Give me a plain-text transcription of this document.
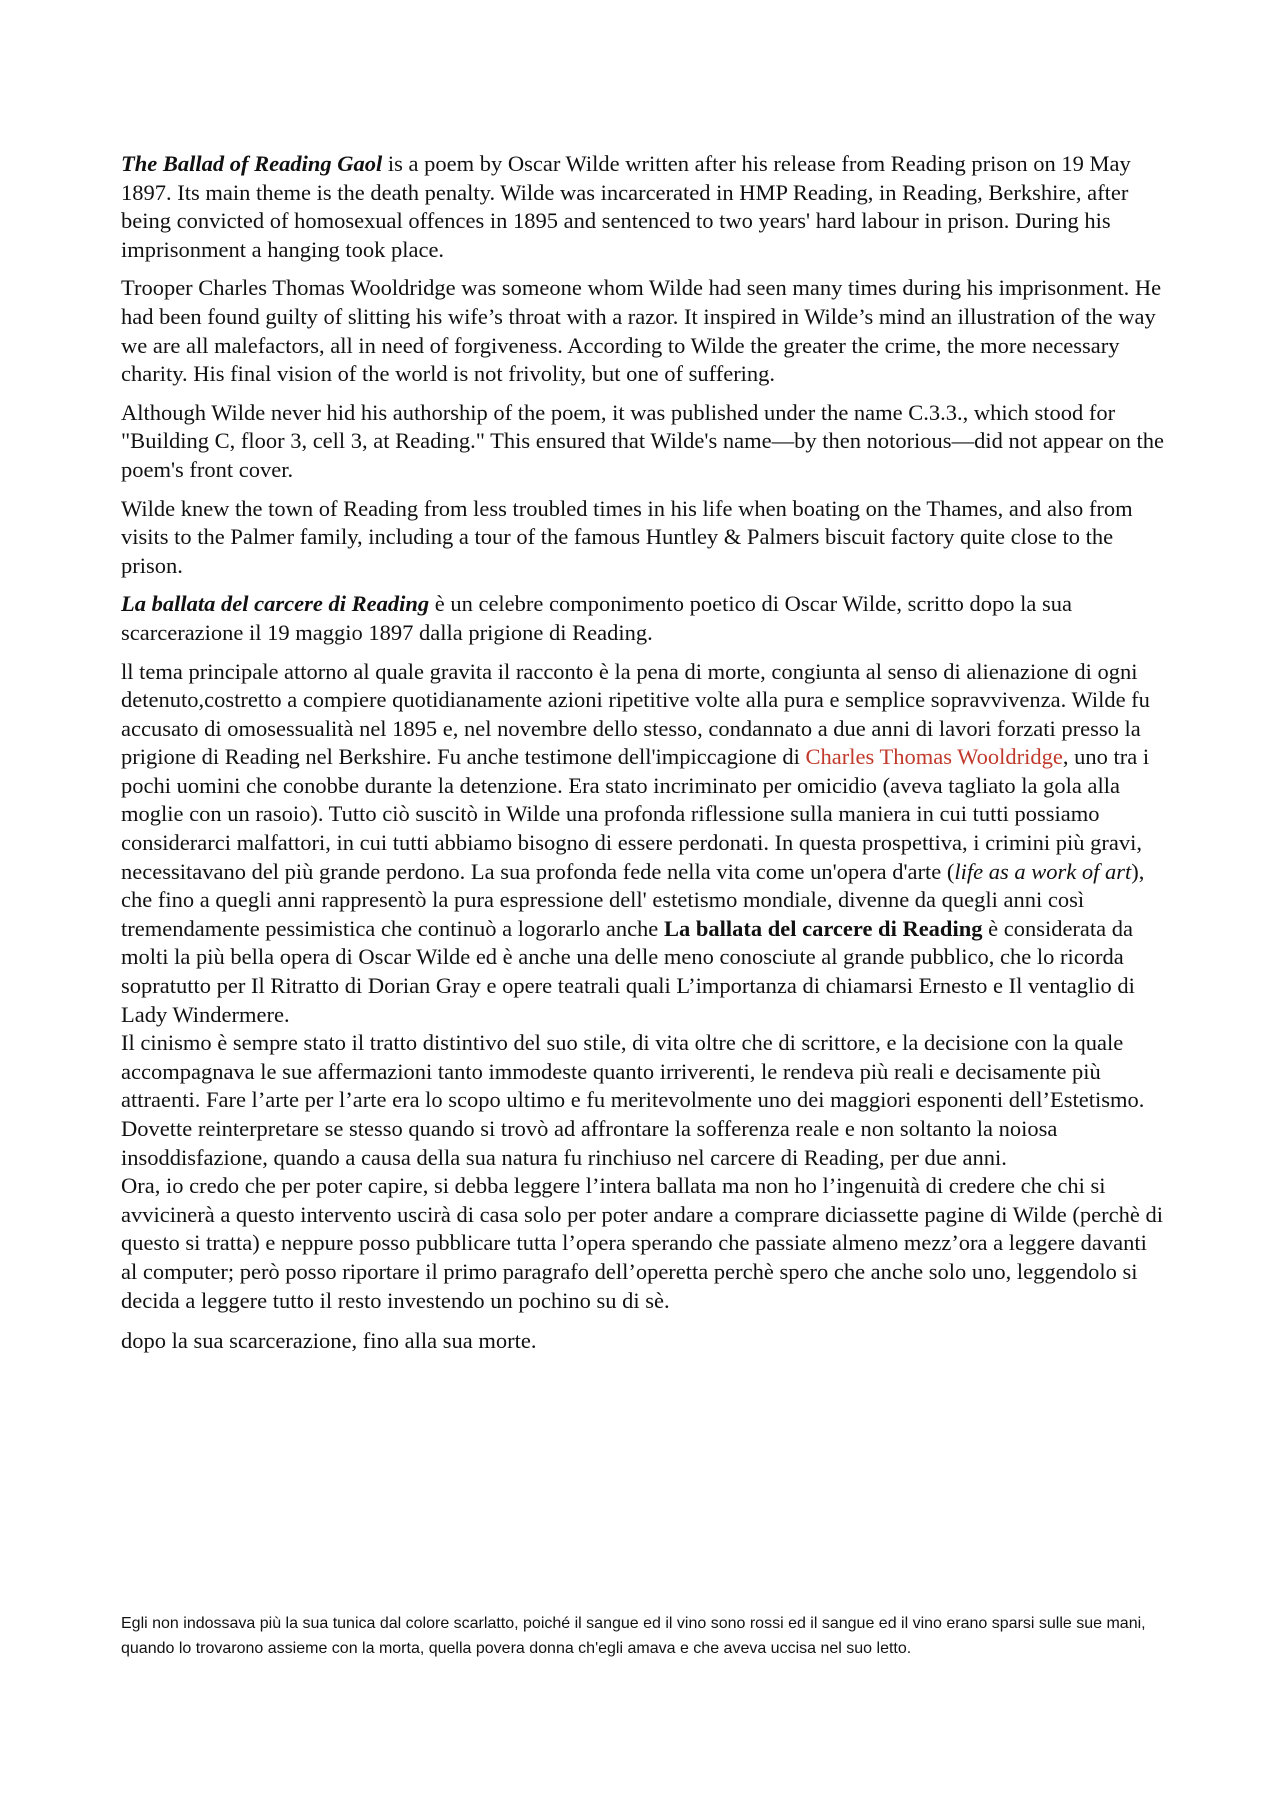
The Ballad of Reading Gaol is a poem by Oscar Wilde written after his release from Reading prison on 19 May 1897. Its main theme is the death penalty. Wilde was incarcerated in HMP Reading, in Reading, Berkshire, after being convicted of homosexual offences in 1895 and sentenced to two years' hard labour in prison. During his imprisonment a hanging took place.

Trooper Charles Thomas Wooldridge was someone whom Wilde had seen many times during his imprisonment. He had been found guilty of slitting his wife’s throat with a razor. It inspired in Wilde’s mind an illustration of the way we are all malefactors, all in need of forgiveness. According to Wilde the greater the crime, the more necessary charity. His final vision of the world is not frivolity, but one of suffering.

Although Wilde never hid his authorship of the poem, it was published under the name C.3.3., which stood for "Building C, floor 3, cell 3, at Reading." This ensured that Wilde's name—by then notorious—did not appear on the poem's front cover.

Wilde knew the town of Reading from less troubled times in his life when boating on the Thames, and also from visits to the Palmer family, including a tour of the famous Huntley & Palmers biscuit factory quite close to the prison.

La ballata del carcere di Reading è un celebre componimento poetico di Oscar Wilde, scritto dopo la sua scarcerazione il 19 maggio 1897 dalla prigione di Reading.

ll tema principale attorno al quale gravita il racconto è la pena di morte, congiunta al senso di alienazione di ogni detenuto,costretto a compiere quotidianamente azioni ripetitive volte alla pura e semplice sopravvivenza. Wilde fu accusato di omosessualità nel 1895 e, nel novembre dello stesso, condannato a due anni di lavori forzati presso la prigione di Reading nel Berkshire. Fu anche testimone dell'impiccagione di Charles Thomas Wooldridge, uno tra i pochi uomini che conobbe durante la detenzione. Era stato incriminato per omicidio (aveva tagliato la gola alla moglie con un rasoio). Tutto ciò suscitò in Wilde una profonda riflessione sulla maniera in cui tutti possiamo considerarci malfattori, in cui tutti abbiamo bisogno di essere perdonati. In questa prospettiva, i crimini più gravi, necessitavano del più grande perdono. La sua profonda fede nella vita come un'opera d'arte (life as a work of art), che fino a quegli anni rappresentò la pura espressione dell' estetismo mondiale, divenne da quegli anni così tremendamente pessimistica che continuò a logorarlo anche La ballata del carcere di Reading è considerata da molti la più bella opera di Oscar Wilde ed è anche una delle meno conosciute al grande pubblico, che lo ricorda sopratutto per Il Ritratto di Dorian Gray e opere teatrali quali L’importanza di chiamarsi Ernesto e Il ventaglio di Lady Windermere.

Il cinismo è sempre stato il tratto distintivo del suo stile, di vita oltre che di scrittore, e la decisione con la quale accompagnava le sue affermazioni tanto immodeste quanto irriverenti, le rendeva più reali e decisamente più attraenti. Fare l’arte per l’arte era lo scopo ultimo e fu meritevolmente uno dei maggiori esponenti dell’Estetismo.

Dovette reinterpretare se stesso quando si trovò ad affrontare la sofferenza reale e non soltanto la noiosa insoddisfazione, quando a causa della sua natura fu rinchiuso nel carcere di Reading, per due anni.

Ora, io credo che per poter capire, si debba leggere l’intera ballata ma non ho l’ingenuità di credere che chi si avvicinerà a questo intervento uscirà di casa solo per poter andare a comprare diciassette pagine di Wilde (perchè di questo si tratta) e neppure posso pubblicare tutta l’opera sperando che passiate almeno mezz’ora a leggere davanti al computer; però posso riportare il primo paragrafo dell’operetta perchè spero che anche solo uno, leggendolo si decida a leggere tutto il resto investendo un pochino su di sè.

dopo la sua scarcerazione, fino alla sua morte.

Egli non indossava più la sua tunica dal colore scarlatto, poiché il sangue ed il vino sono rossi ed il sangue ed il vino erano sparsi sulle sue mani, quando lo trovarono assieme con la morta, quella povera donna ch'egli amava e che aveva uccisa nel suo letto.
